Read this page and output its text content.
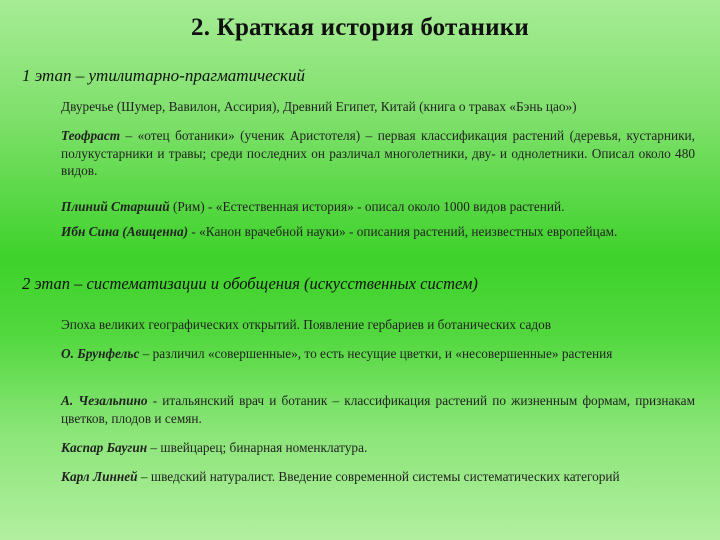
2. Краткая история ботаники
1 этап – утилитарно-прагматический
Двуречье (Шумер, Вавилон, Ассирия), Древний Египет, Китай (книга о травах «Бэнь цао»)
Теофраст – «отец ботаники» (ученик Аристотеля) – первая классификация растений (деревья, кустарники, полукустарники и травы; среди последних он различал многолетники, дву- и однолетники. Описал около 480 видов.
Плиний Старший (Рим) - «Естественная история» - описал около 1000 видов растений.
Ибн Сина (Авиценна) - «Канон врачебной науки» - описания растений, неизвестных европейцам.
2 этап – систематизации и обобщения (искусственных систем)
Эпоха великих географических открытий. Появление гербариев и ботанических садов
О. Брунфельс – различил «совершенные», то есть несущие цветки, и «несовершенные» растения
А. Чезальпино - итальянский врач и ботаник – классификация растений по жизненным формам, признакам цветков, плодов и семян.
Каспар Баугин – швейцарец; бинарная номенклатура.
Карл Линней – шведский натуралист. Введение современной системы систематических категорий
